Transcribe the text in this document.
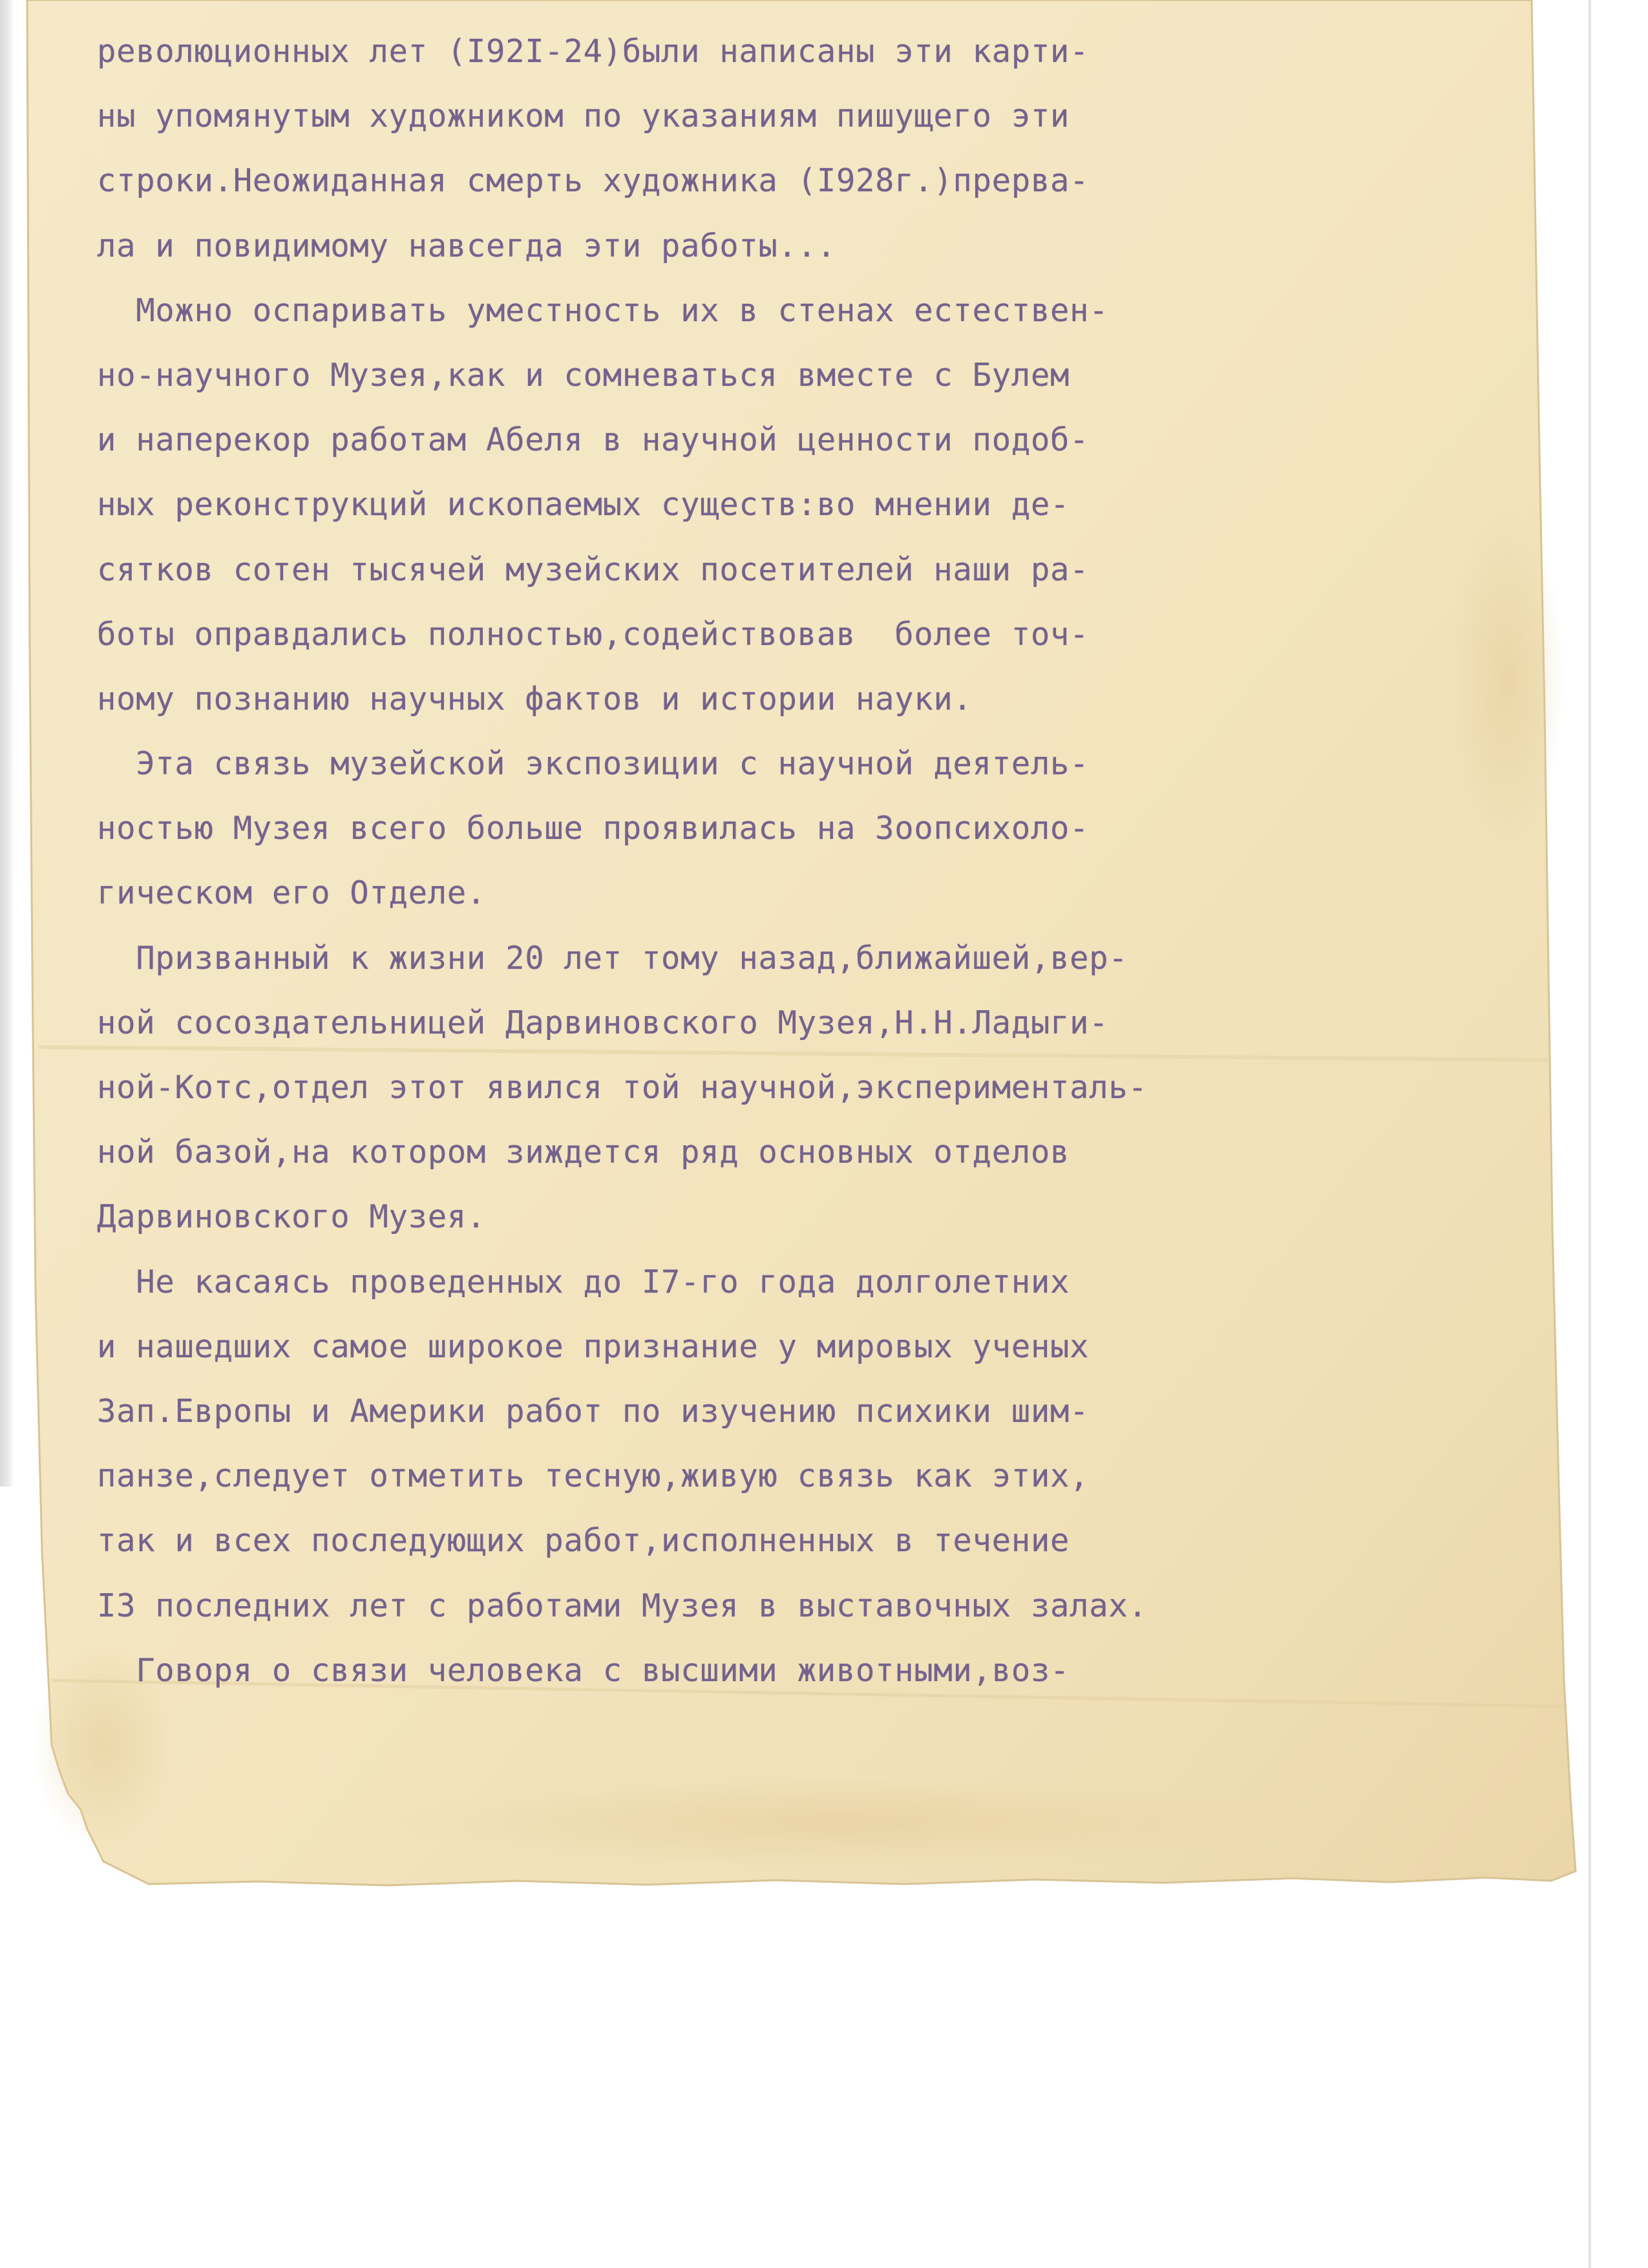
революционных лет (I92I-24)были написаны эти карти-
ны упомянутым художником по указаниям пишущего эти
строки.Неожиданная смерть художника (I928г.)прерва-
ла и повидимому навсегда эти работы...
Можно оспаривать уместность их в стенах естествен-
но-научного Музея,как и сомневаться вместе с Булем
и наперекор работам Абеля в научной ценности подоб-
ных реконструкций ископаемых существ:во мнении де-
сятков сотен тысячей музейских посетителей наши ра-
боты оправдались полностью,содействовав  более точ-
ному познанию научных фактов и истории науки.
Эта связь музейской экспозиции с научной деятель-
ностью Музея всего больше проявилась на Зоопсихоло-
гическом его Отделе.
Призванный к жизни 20 лет тому назад,ближайшей,вер-
ной сосоздательницей Дарвиновского Музея,Н.Н.Ладыги-
ной-Котс,отдел этот явился той научной,эксперименталь-
ной базой,на котором зиждется ряд основных отделов
Дарвиновского Музея.
Не касаясь проведенных до I7-го года долголетних
и нашедших самое широкое признание у мировых ученых
Зап.Европы и Америки работ по изучению психики шим-
панзе,следует отметить тесную,живую связь как этих,
так и всех последующих работ,исполненных в течение
I3 последних лет с работами Музея в выставочных залах.
Говоря о связи человека с высшими животными,воз-
